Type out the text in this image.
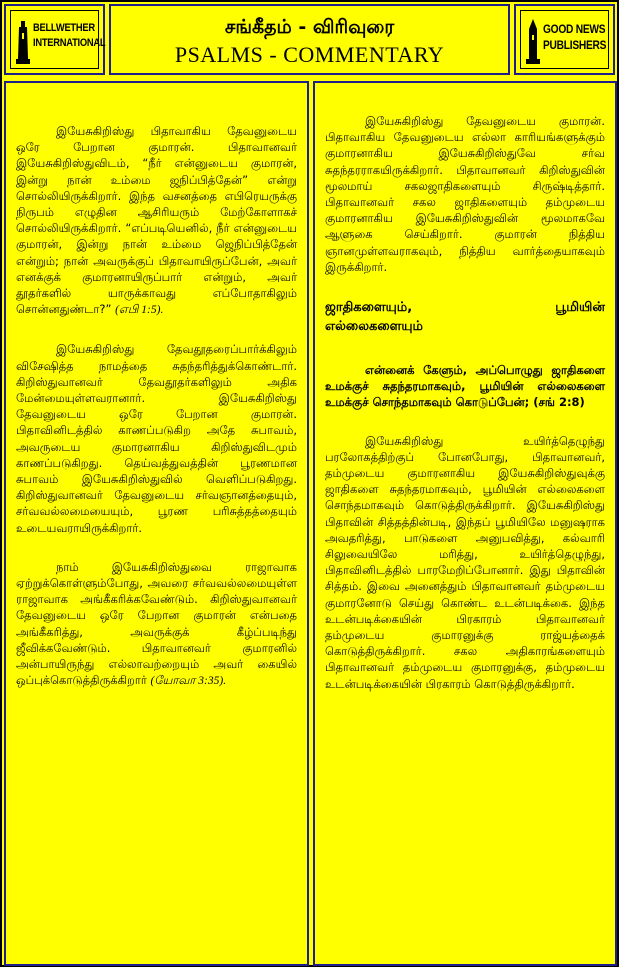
BELLWETHER
INTERNATIONAL
சங்கீதம் - விரிவுரை
PSALMS - COMMENTARY
GOOD NEWS
PUBLISHERS

இயேசுகிறிஸ்து பிதாவாகிய தேவனுடைய ஒரே பேறான குமாரன். பிதாவானவர் இயேசுகிறிஸ்துவிடம், “நீர் என்னுடைய குமாரன், இன்று நான் உம்மை ஜநிப்பித்தேன்” என்று சொல்லியிருக்கிறார். இந்த வசனத்தை எபிரெயருக்கு நிருபம் எழுதின ஆசிரியரும் மேற்கோளாகச் சொல்லியிருக்கிறார். “எப்படியெனில், நீர் என்னுடைய குமாரன், இன்று நான் உம்மை ஜெநிப்பித்தேன் என்றும்; நான் அவருக்குப் பிதாவாயிருப்பேன், அவர் எனக்குக் குமாரனாயிருப்பார் என்றும், அவர் தூதர்களில் யாருக்காவது எப்போதாகிலும் சொன்னதுண்டா?” (எபி 1:5).

இயேசுகிறிஸ்து தேவதூதரைப்பார்க்கிலும் விசேஷித்த நாமத்தை சுதந்தரித்துக்கொண்டார். கிறிஸ்துவானவர் தேவதூதர்களிலும் அதிக மேன்மையுள்ளவரானார். இயேசுகிறிஸ்து தேவனுடைய ஒரே பேறான குமாரன். பிதாவினிடத்தில் காணப்படுகிற அதே சுபாவம், அவருடைய குமாரனாகிய கிறிஸ்துவிடமும் காணப்படுகிறது. தெய்வத்துவத்தின் பூரணமான சுபாவம் இயேசுகிறிஸ்துவில் வெளிப்படுகிறது. கிறிஸ்துவானவர் தேவனுடைய சர்வஞானத்தையும், சர்வவல்லமையையும், பூரண பரிசுத்தத்தையும் உடையவராயிருக்கிறார்.

நாம் இயேசுகிறிஸ்துவை ராஜாவாக ஏற்றுக்கொள்ளும்போது, அவரை சர்வவல்லமையுள்ள ராஜாவாக அங்கீகரிக்கவேண்டும். கிறிஸ்துவானவர் தேவனுடைய ஒரே பேறான குமாரன் என்பதை அங்கீகரித்து, அவருக்குக் கீழ்ப்படிந்து ஜீவிக்கவேண்டும். பிதாவானவர் குமாரனில் அன்பாயிருந்து எல்லாவற்றையும் அவர் கையில் ஒப்புக்கொடுத்திருக்கிறார் (யோவா 3:35).

இயேசுகிறிஸ்து தேவனுடைய குமாரன். பிதாவாகிய தேவனுடைய எல்லா காரியங்களுக்கும் குமாரனாகிய இயேசுகிறிஸ்துவே சர்வ சுதந்தரராகயிருக்கிறார். பிதாவானவர் கிறிஸ்துவின் மூலமாய் சகலஜாதிகளையும் சிருஷ்டித்தார். பிதாவானவர் சகல ஜாதிகளையும் தம்முடைய குமாரனாகிய இயேசுகிறிஸ்துவின் மூலமாகவே ஆளுகை செய்கிறார். குமாரன் நித்திய ஞானமுள்ளவராகவும், நித்திய வார்த்தையாகவும் இருக்கிறார்.

ஜாதிகளையும்,	பூமியின்
எல்லைகளையும்

என்னைக் கேளும், அப்பொழுது ஜாதிகளை உமக்குச் சுதந்தரமாகவும், பூமியின் எல்லைகளை உமக்குச் சொந்தமாகவும் கொடுப்பேன்; (சங் 2:8)

இயேசுகிறிஸ்து உயிர்த்தெழுந்து பரலோகத்திற்குப் போனபோது, பிதாவானவர், தம்முடைய குமாரனாகிய இயேசுகிறிஸ்துவுக்கு ஜாதிகளை சுதந்தரமாகவும், பூமியின் எல்லைகளை சொந்தமாகவும் கொடுத்திருக்கிறார். இயேசுகிறிஸ்து பிதாவின் சித்தத்தின்படி, இந்தப் பூமியிலே மனுஷராக அவதரித்து, பாடுகளை அனுபவித்து, கல்வாரி சிலுவையிலே மரித்து, உயிர்த்தெழுந்து, பிதாவினிடத்தில் பாரமேறிப்போனார். இது பிதாவின் சித்தம். இவை அனைத்தும் பிதாவானவர் தம்முடைய குமாரனோடு செய்து கொண்ட உடன்படிக்கை. இந்த உடன்படிக்கையின் பிரகாரம் பிதாவானவர் தம்முடைய குமாரனுக்கு ராஜ்யத்தைக் கொடுத்திருக்கிறார். சகல அதிகாரங்களையும் பிதாவானவர் தம்முடைய குமாரனுக்கு, தம்முடைய உடன்படிக்கையின் பிரகாரம் கொடுத்திருக்கிறார்.
